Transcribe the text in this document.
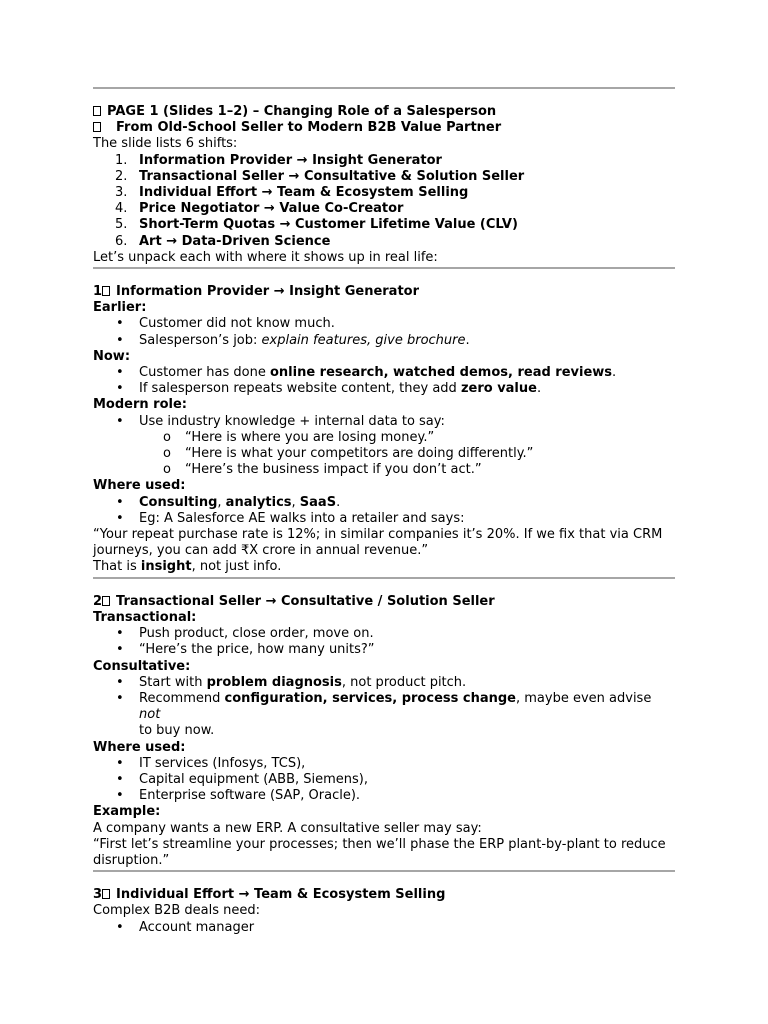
PAGE 1 (Slides 1–2) – Changing Role of a Salesperson

From Old-School Seller to Modern B2B Value Partner

The slide lists 6 shifts:

1. Information Provider → Insight Generator
2. Transactional Seller → Consultative & Solution Seller
3. Individual Effort → Team & Ecosystem Selling
4. Price Negotiator → Value Co-Creator
5. Short-Term Quotas → Customer Lifetime Value (CLV)
6. Art → Data-Driven Science

Let’s unpack each with where it shows up in real life:

1 Information Provider → Insight Generator

Earlier:

• Customer did not know much.
• Salesperson’s job: explain features, give brochure.

Now:

• Customer has done online research, watched demos, read reviews.
• If salesperson repeats website content, they add zero value.

Modern role:

• Use industry knowledge + internal data to say:
o “Here is where you are losing money.”
o “Here is what your competitors are doing differently.”
o “Here’s the business impact if you don’t act.”

Where used:

• Consulting, analytics, SaaS.
• Eg: A Salesforce AE walks into a retailer and says:

“Your repeat purchase rate is 12%; in similar companies it’s 20%. If we fix that via CRM

journeys, you can add ₹X crore in annual revenue.”

That is insight, not just info.

2 Transactional Seller → Consultative / Solution Seller

Transactional:

• Push product, close order, move on.
• “Here’s the price, how many units?”

Consultative:

• Start with problem diagnosis, not product pitch.
• Recommend configuration, services, process change, maybe even advise not
to buy now.

Where used:

• IT services (Infosys, TCS),
• Capital equipment (ABB, Siemens),
• Enterprise software (SAP, Oracle).

Example:

A company wants a new ERP. A consultative seller may say:

“First let’s streamline your processes; then we’ll phase the ERP plant-by-plant to reduce

disruption.”

3 Individual Effort → Team & Ecosystem Selling

Complex B2B deals need:

• Account manager
